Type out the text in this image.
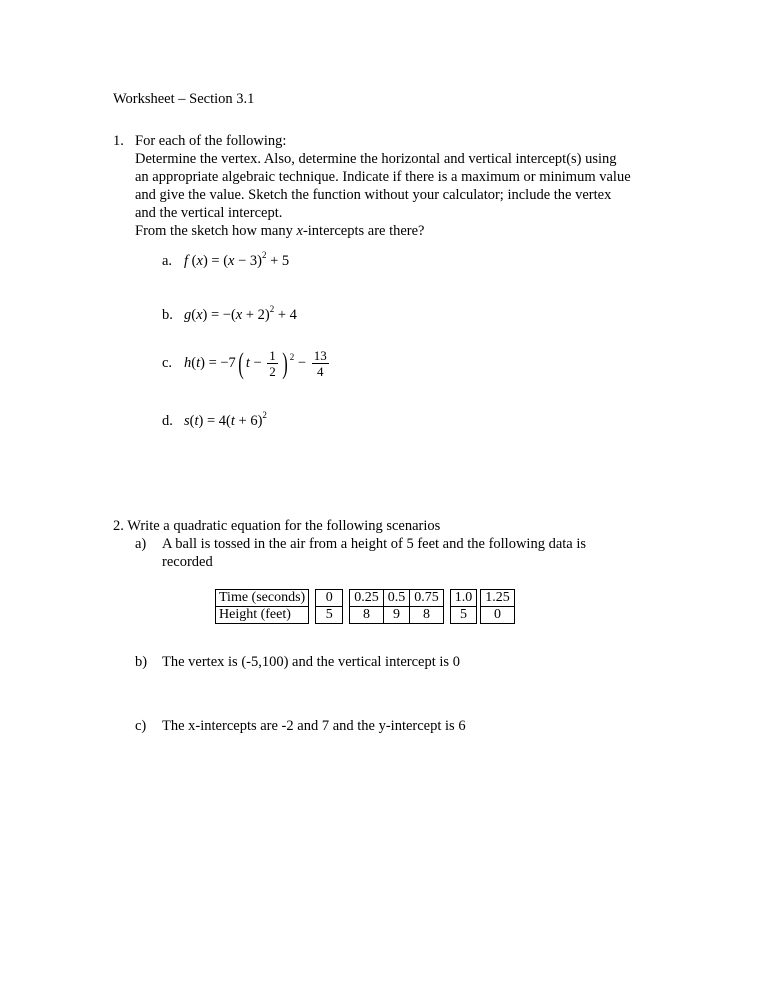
Worksheet – Section 3.1
1. For each of the following:
Determine the vertex. Also, determine the horizontal and vertical intercept(s) using
an appropriate algebraic technique. Indicate if there is a maximum or minimum value
and give the value. Sketch the function without your calculator; include the vertex
and the vertical intercept.
From the sketch how many x-intercepts are there?
a. f $(x) = (x - 3)^2 + 5$
b. $g(x) = -(x + 2)^2 + 4$
c. h(t) = −7( $t - \frac{1}{2}$ ) $^2 - \frac{13}{4}$
d. $s(t) = 4(t + 6)^2$
2. Write a quadratic equation for the following scenarios
a) A ball is tossed in the air from a height of 5 feet and the following data is
recorded
Time (seconds)		0		0.25	0.5	0.75		1.0		1.25
Height (feet)		5		8	9	8		5		0
b) The vertex is (-5,100) and the vertical intercept is 0
c) The x-intercepts are -2 and 7 and the y-intercept is 6
